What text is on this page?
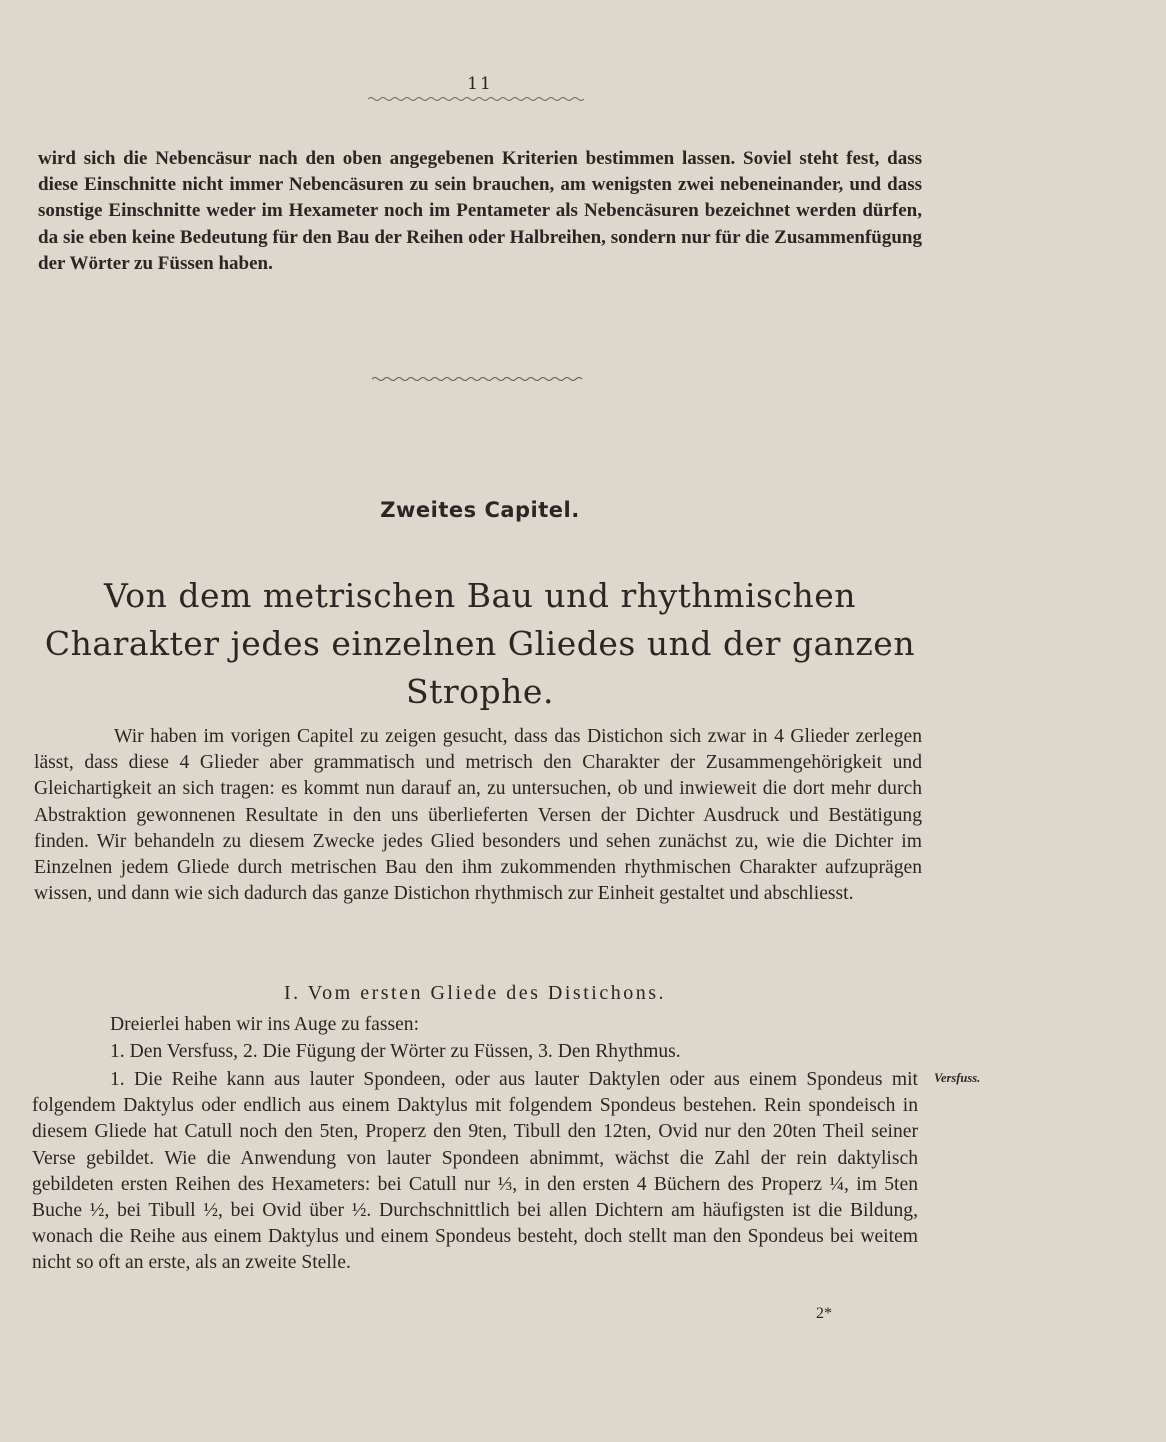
11

wird sich die Nebencäsur nach den oben angegebenen Kriterien bestimmen lassen. Soviel steht fest, dass diese Einschnitte nicht immer Nebencäsuren zu sein brauchen, am wenigsten zwei nebeneinander, und dass sonstige Einschnitte weder im Hexameter noch im Pentameter als Nebencäsuren bezeichnet werden dürfen, da sie eben keine Bedeutung für den Bau der Reihen oder Halbreihen, sondern nur für die Zusammenfügung der Wörter zu Füssen haben.

Zweites Capitel.
Von dem metrischen Bau und rhythmischen Charakter jedes einzelnen Gliedes und der ganzen Strophe.

Wir haben im vorigen Capitel zu zeigen gesucht, dass das Distichon sich zwar in 4 Glieder zerlegen lässt, dass diese 4 Glieder aber grammatisch und metrisch den Charakter der Zusammengehörigkeit und Gleichartigkeit an sich tragen: es kommt nun darauf an, zu untersuchen, ob und inwieweit die dort mehr durch Abstraktion gewonnenen Resultate in den uns überlieferten Versen der Dichter Ausdruck und Bestätigung finden. Wir behandeln zu diesem Zwecke jedes Glied besonders und sehen zunächst zu, wie die Dichter im Einzelnen jedem Gliede durch metrischen Bau den ihm zukommenden rhythmischen Charakter aufzuprägen wissen, und dann wie sich dadurch das ganze Distichon rhythmisch zur Einheit gestaltet und abschliesst.

I. Vom ersten Gliede des Distichons.

Dreierlei haben wir ins Auge zu fassen:

1. Den Versfuss, 2. Die Fügung der Wörter zu Füssen, 3. Den Rhythmus.

1. Die Reihe kann aus lauter Spondeen, oder aus lauter Daktylen oder aus einem Spondeus mit folgendem Daktylus oder endlich aus einem Daktylus mit folgendem Spondeus bestehen. Rein spondeisch in diesem Gliede hat Catull noch den 5ten, Properz den 9ten, Tibull den 12ten, Ovid nur den 20ten Theil seiner Verse gebildet. Wie die Anwendung von lauter Spondeen abnimmt, wächst die Zahl der rein daktylisch gebildeten ersten Reihen des Hexameters: bei Catull nur ⅓, in den ersten 4 Büchern des Properz ¼, im 5ten Buche ½, bei Tibull ½, bei Ovid über ½. Durchschnittlich bei allen Dichtern am häufigsten ist die Bildung, wonach die Reihe aus einem Daktylus und einem Spondeus besteht, doch stellt man den Spondeus bei weitem nicht so oft an erste, als an zweite Stelle.

Versfuss.
2*
